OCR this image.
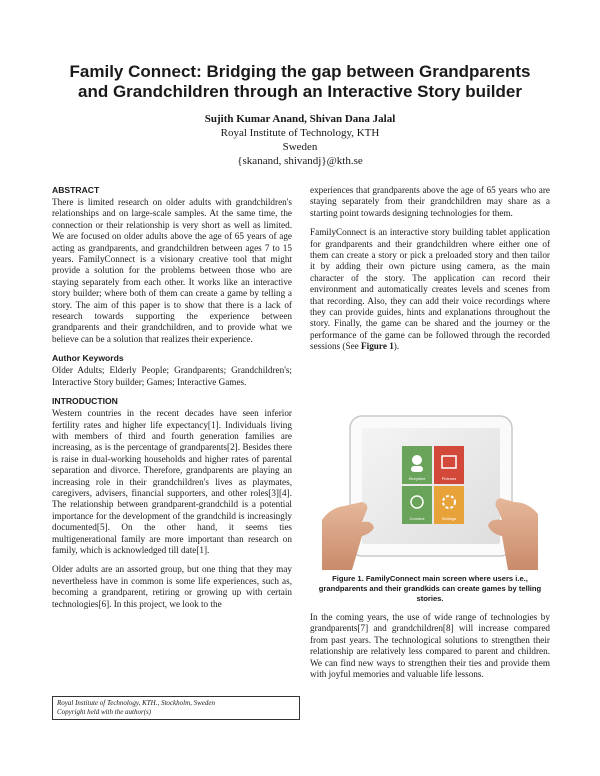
Family Connect: Bridging the gap between Grandparents
and Grandchildren through an Interactive Story builder
Sujith Kumar Anand, Shivan Dana Jalal
Royal Institute of Technology, KTH
Sweden
{skanand, shivandj}@kth.se
ABSTRACT

There is limited research on older adults with grandchildren's relationships and on large-scale samples. At the same time, the connection or their relationship is very short as well as limited. We are focused on older adults above the age of 65 years of age acting as grandparents, and grandchildren between ages 7 to 15 years. FamilyConnect is a visionary creative tool that might provide a solution for the problems between those who are staying separately from each other. It works like an interactive story builder; where both of them can create a game by telling a story. The aim of this paper is to show that there is a lack of research towards supporting the experience between grandparents and their grandchildren, and to provide what we believe can be a solution that realizes their experience.

Author Keywords

Older Adults; Elderly People; Grandparents; Grandchildren's; Interactive Story builder; Games; Interactive Games.

INTRODUCTION

Western countries in the recent decades have seen inferior fertility rates and higher life expectancy[1]. Individuals living with members of third and fourth generation families are increasing, as is the percentage of grandparents[2]. Besides there is raise in dual-working households and higher rates of parental separation and divorce. Therefore, grandparents are playing an increasing role in their grandchildren's lives as playmates, caregivers, advisers, financial supporters, and other roles[3][4]. The relationship between grandparent-grandchild is a potential importance for the development of the grandchild is increasingly documented[5]. On the other hand, it seems ties multigenerational family are more important than research on family, which is acknowledged till date[1].

Older adults are an assorted group, but one thing that they may nevertheless have in common is some life experiences, such as, becoming a grandparent, retiring or growing up with certain technologies[6]. In this project, we look to the

Royal Institute of Technology, KTH., Stockholm, Sweden
Copyright held with the author(s)

experiences that grandparents above the age of 65 years who are staying separately from their grandchildren may share as a starting point towards designing technologies for them.

FamilyConnect is an interactive story building tablet application for grandparents and their grandchildren where either one of them can create a story or pick a preloaded story and then tailor it by adding their own picture using camera, as the main character of the story. The application can record their environment and automatically creates levels and scenes from that recording. Also, they can add their voice recordings where they can provide guides, hints and explanations throughout the story. Finally, the game can be shared and the journey or the performance of the game can be followed through the recorded sessions (See Figure 1).

Storytime	Pictures
Connect	Settings
Figure 1. FamilyConnect main screen where users i.e., grandparents and their grandkids can create games by telling stories.

In the coming years, the use of wide range of technologies by grandparents[7] and grandchildren[8] will increase compared from past years. The technological solutions to strengthen their relationship are relatively less compared to parent and children. We can find new ways to strengthen their ties and provide them with joyful memories and valuable life lessons.
